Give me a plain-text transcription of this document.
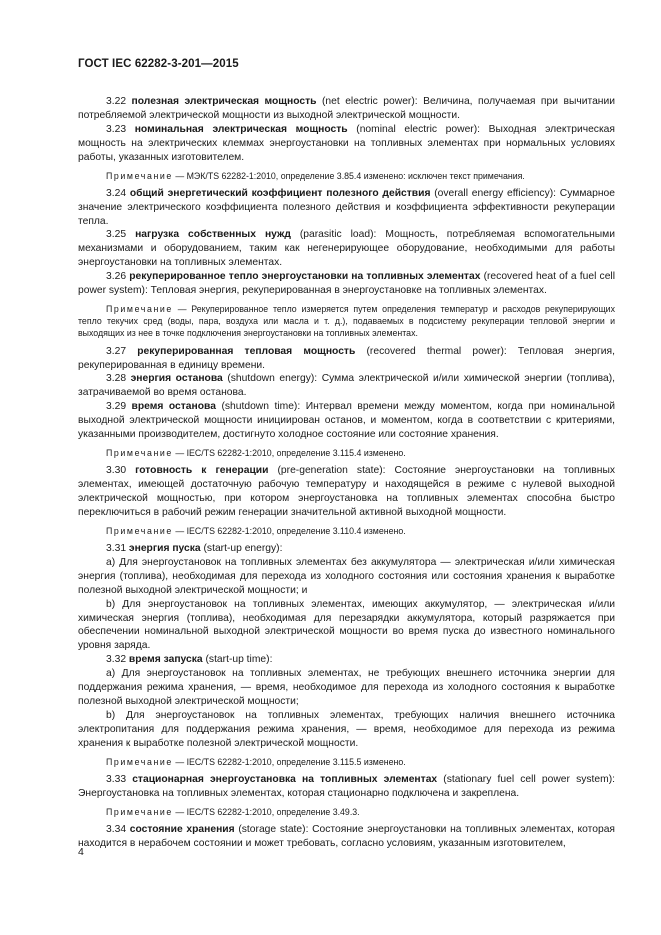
ГОСТ IEC 62282-3-201—2015

3.22 полезная электрическая мощность (net electric power): Величина, получаемая при вычитании потребляемой электрической мощности из выходной электрической мощности.

3.23 номинальная электрическая мощность (nominal electric power): Выходная электрическая мощность на электрических клеммах энергоустановки на топливных элементах при нормальных условиях работы, указанных изготовителем.

Примечание — МЭК/TS 62282-1:2010, определение 3.85.4 изменено: исключен текст примечания.

3.24 общий энергетический коэффициент полезного действия (overall energy efficiency): Суммарное значение электрического коэффициента полезного действия и коэффициента эффективности рекуперации тепла.

3.25 нагрузка собственных нужд (parasitic load): Мощность, потребляемая вспомогательными механизмами и оборудованием, таким как негенерирующее оборудование, необходимыми для работы энергоустановки на топливных элементах.

3.26 рекуперированное тепло энергоустановки на топливных элементах (recovered heat of a fuel cell power system): Тепловая энергия, рекуперированная в энергоустановке на топливных элементах.

Примечание — Рекуперированное тепло измеряется путем определения температур и расходов рекуперирующих тепло текучих сред (воды, пара, воздуха или масла и т. д.), подаваемых в подсистему рекуперации тепловой энергии и выходящих из нее в точке подключения энергоустановки на топливных элементах.

3.27 рекуперированная тепловая мощность (recovered thermal power): Тепловая энергия, рекуперированная в единицу времени.

3.28 энергия останова (shutdown energy): Сумма электрической и/или химической энергии (топлива), затрачиваемой во время останова.

3.29 время останова (shutdown time): Интервал времени между моментом, когда при номинальной выходной электрической мощности инициирован останов, и моментом, когда в соответствии с критериями, указанными производителем, достигнуто холодное состояние или состояние хранения.

Примечание — IEC/TS 62282-1:2010, определение 3.115.4 изменено.

3.30 готовность к генерации (pre-generation state): Состояние энергоустановки на топливных элементах, имеющей достаточную рабочую температуру и находящейся в режиме с нулевой выходной электрической мощностью, при котором энергоустановка на топливных элементах способна быстро переключиться в рабочий режим генерации значительной активной выходной мощности.

Примечание — IEC/TS 62282-1:2010, определение 3.110.4 изменено.

3.31 энергия пуска (start-up energy):

a) Для энергоустановок на топливных элементах без аккумулятора — электрическая и/или химическая энергия (топлива), необходимая для перехода из холодного состояния или состояния хранения к выработке полезной выходной электрической мощности; и

b) Для энергоустановок на топливных элементах, имеющих аккумулятор, — электрическая и/или химическая энергия (топлива), необходимая для перезарядки аккумулятора, который разряжается при обеспечении номинальной выходной электрической мощности во время пуска до известного номинального уровня заряда.

3.32 время запуска (start-up time):

a) Для энергоустановок на топливных элементах, не требующих внешнего источника энергии для поддержания режима хранения, — время, необходимое для перехода из холодного состояния к выработке полезной выходной электрической мощности;

b) Для энергоустановок на топливных элементах, требующих наличия внешнего источника электропитания для поддержания режима хранения, — время, необходимое для перехода из режима хранения к выработке полезной электрической мощности.

Примечание — IEC/TS 62282-1:2010, определение 3.115.5 изменено.

3.33 стационарная энергоустановка на топливных элементах (stationary fuel cell power system): Энергоустановка на топливных элементах, которая стационарно подключена и закреплена.

Примечание — IEC/TS 62282-1:2010, определение 3.49.3.

3.34 состояние хранения (storage state): Состояние энергоустановки на топливных элементах, которая находится в нерабочем состоянии и может требовать, согласно условиям, указанным изготовителем,

4
